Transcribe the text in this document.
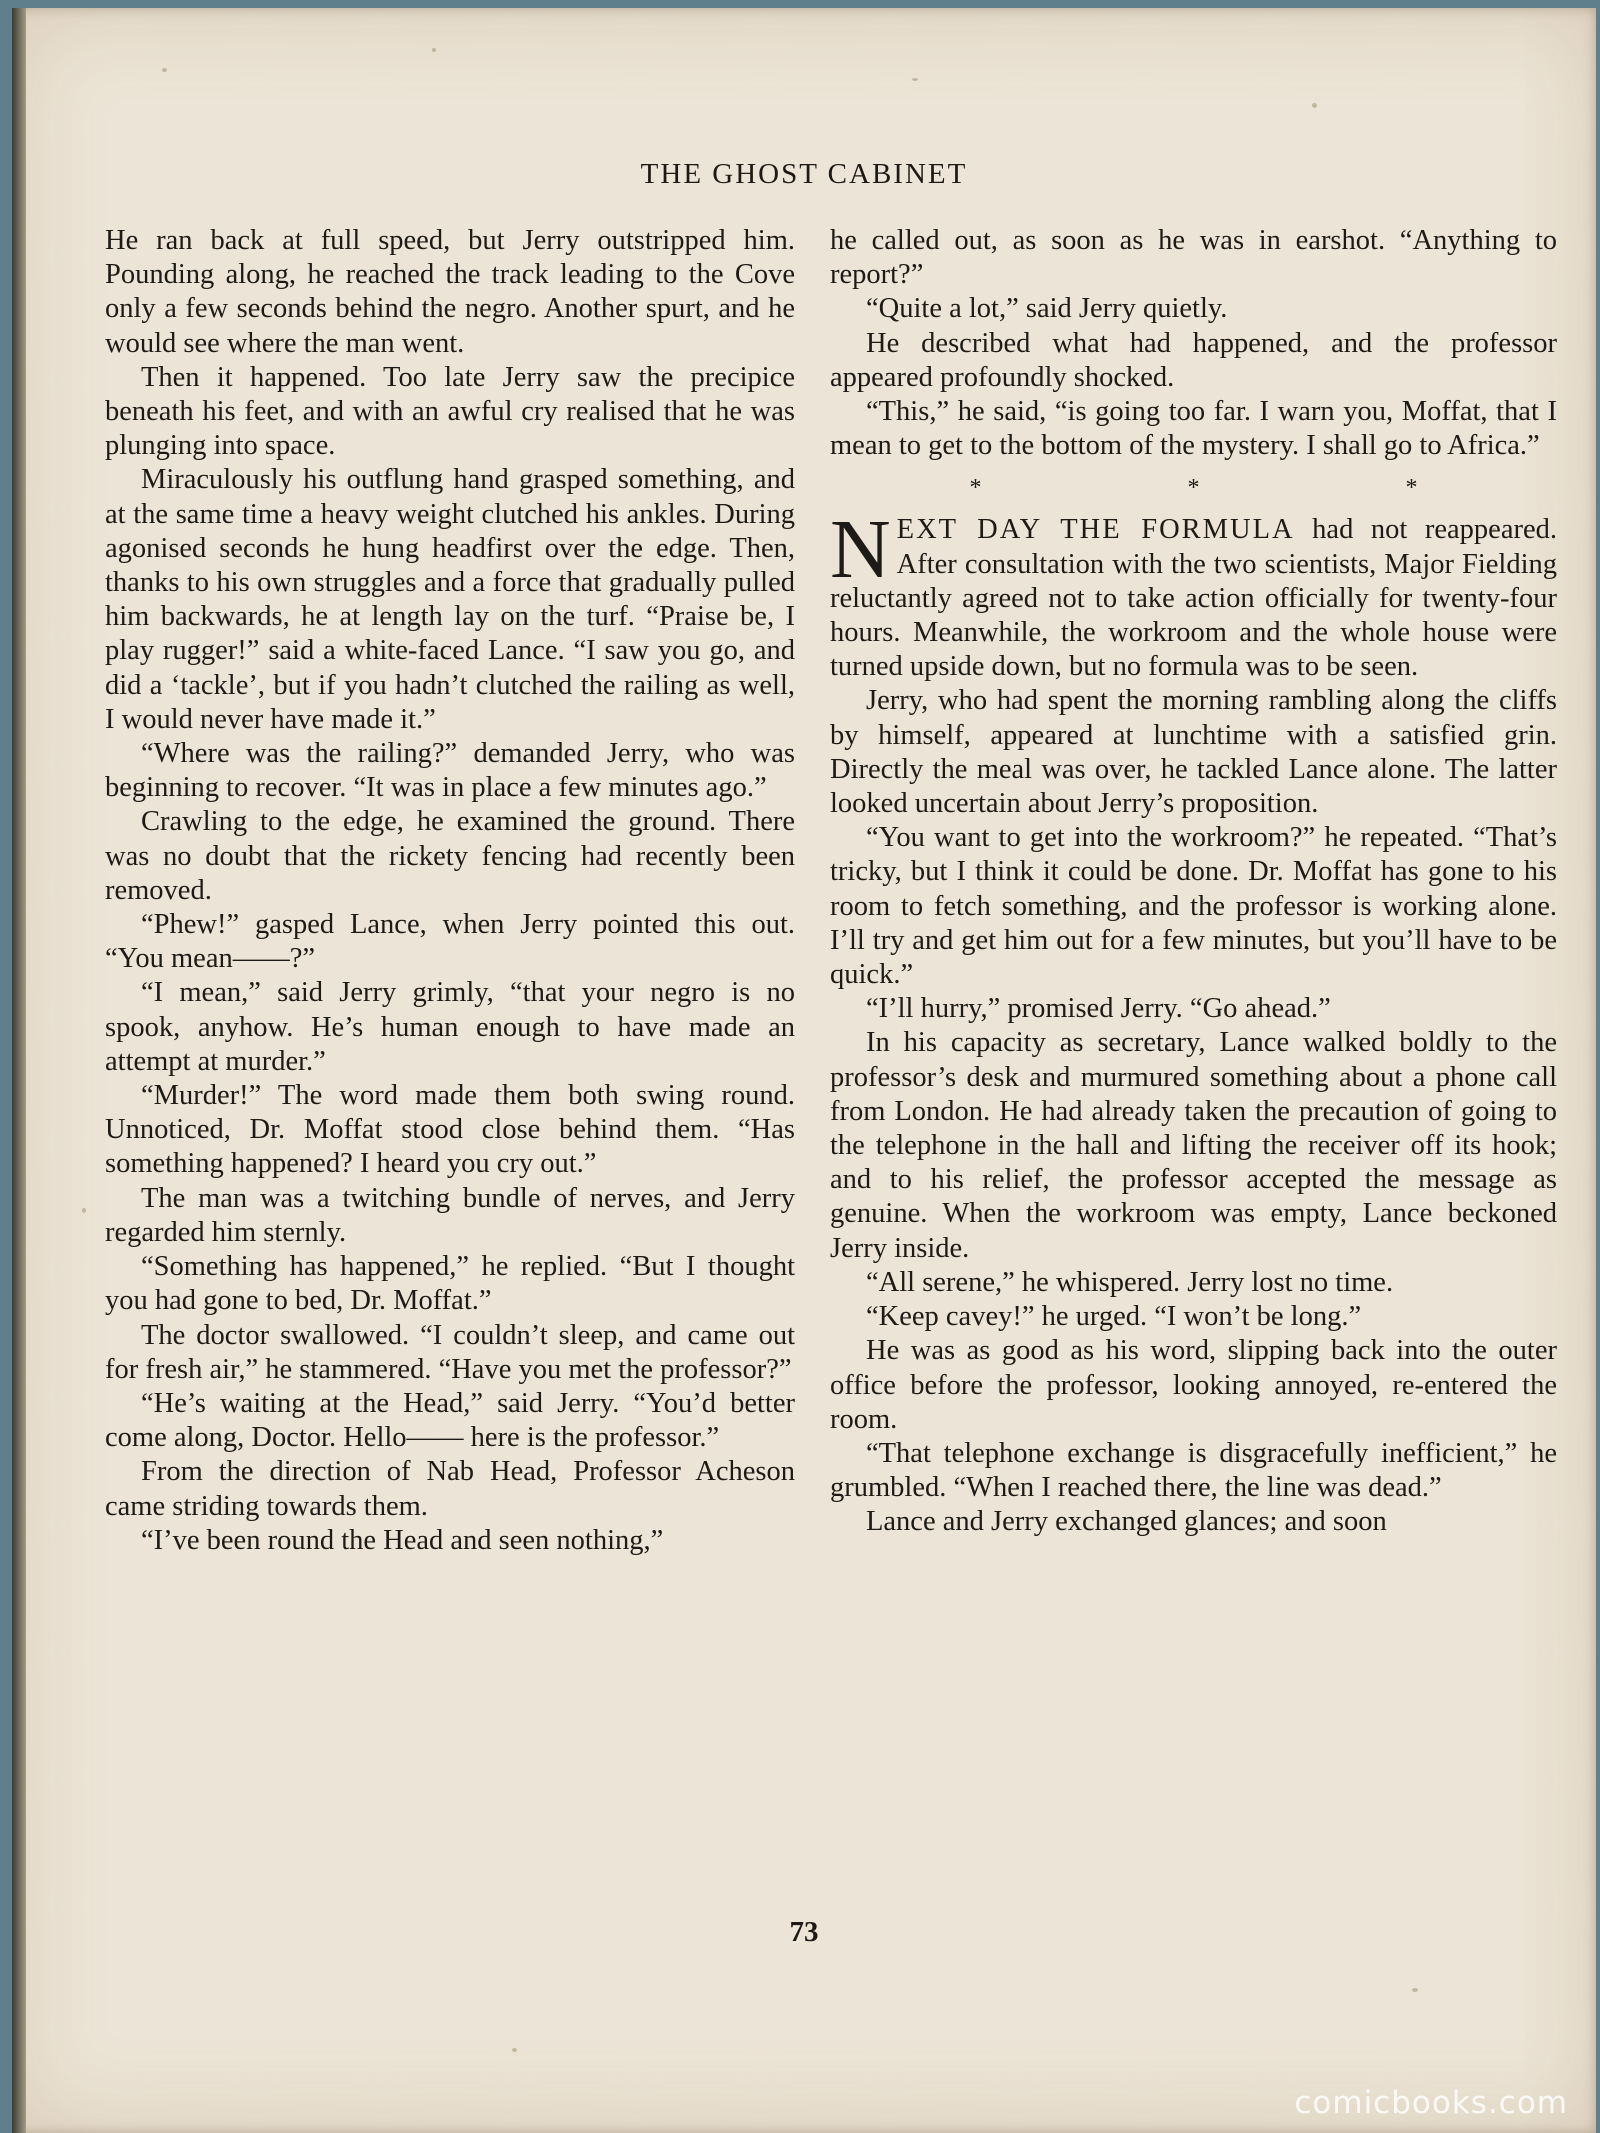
THE GHOST CABINET

He ran back at full speed, but Jerry outstripped him. Pounding along, he reached the track leading to the Cove only a few seconds behind the negro. Another spurt, and he would see where the man went.

Then it happened. Too late Jerry saw the precipice beneath his feet, and with an awful cry realised that he was plunging into space.

Miraculously his outflung hand grasped something, and at the same time a heavy weight clutched his ankles. During agonised seconds he hung headfirst over the edge. Then, thanks to his own struggles and a force that gradually pulled him backwards, he at length lay on the turf. “Praise be, I play rugger!” said a white-faced Lance. “I saw you go, and did a ‘tackle’, but if you hadn’t clutched the railing as well, I would never have made it.”

“Where was the railing?” demanded Jerry, who was beginning to recover. “It was in place a few minutes ago.”

Crawling to the edge, he examined the ground. There was no doubt that the rickety fencing had recently been removed.

“Phew!” gasped Lance, when Jerry pointed this out. “You mean——?”

“I mean,” said Jerry grimly, “that your negro is no spook, anyhow. He’s human enough to have made an attempt at murder.”

“Murder!” The word made them both swing round. Unnoticed, Dr. Moffat stood close behind them. “Has something happened? I heard you cry out.”

The man was a twitching bundle of nerves, and Jerry regarded him sternly.

“Something has happened,” he replied. “But I thought you had gone to bed, Dr. Moffat.”

The doctor swallowed. “I couldn’t sleep, and came out for fresh air,” he stammered. “Have you met the professor?”

“He’s waiting at the Head,” said Jerry. “You’d better come along, Doctor. Hello—— here is the professor.”

From the direction of Nab Head, Professor Acheson came striding towards them.

“I’ve been round the Head and seen nothing,”

he called out, as soon as he was in earshot. “Anything to report?”

“Quite a lot,” said Jerry quietly.

He described what had happened, and the professor appeared profoundly shocked.

“This,” he said, “is going too far. I warn you, Moffat, that I mean to get to the bottom of the mystery. I shall go to Africa.”

* * *

NEXT DAY THE FORMULA had not reappeared. After consultation with the two scientists, Major Fielding reluctantly agreed not to take action officially for twenty-four hours. Meanwhile, the workroom and the whole house were turned upside down, but no formula was to be seen.

Jerry, who had spent the morning rambling along the cliffs by himself, appeared at lunchtime with a satisfied grin. Directly the meal was over, he tackled Lance alone. The latter looked uncertain about Jerry’s proposition.

“You want to get into the workroom?” he repeated. “That’s tricky, but I think it could be done. Dr. Moffat has gone to his room to fetch something, and the professor is working alone. I’ll try and get him out for a few minutes, but you’ll have to be quick.”

“I’ll hurry,” promised Jerry. “Go ahead.”

In his capacity as secretary, Lance walked boldly to the professor’s desk and murmured something about a phone call from London. He had already taken the precaution of going to the telephone in the hall and lifting the receiver off its hook; and to his relief, the professor accepted the message as genuine. When the workroom was empty, Lance beckoned Jerry inside.

“All serene,” he whispered. Jerry lost no time.

“Keep cavey!” he urged. “I won’t be long.”

He was as good as his word, slipping back into the outer office before the professor, looking annoyed, re-entered the room.

“That telephone exchange is disgracefully inefficient,” he grumbled. “When I reached there, the line was dead.”

Lance and Jerry exchanged glances; and soon

73
comicbooks.com
